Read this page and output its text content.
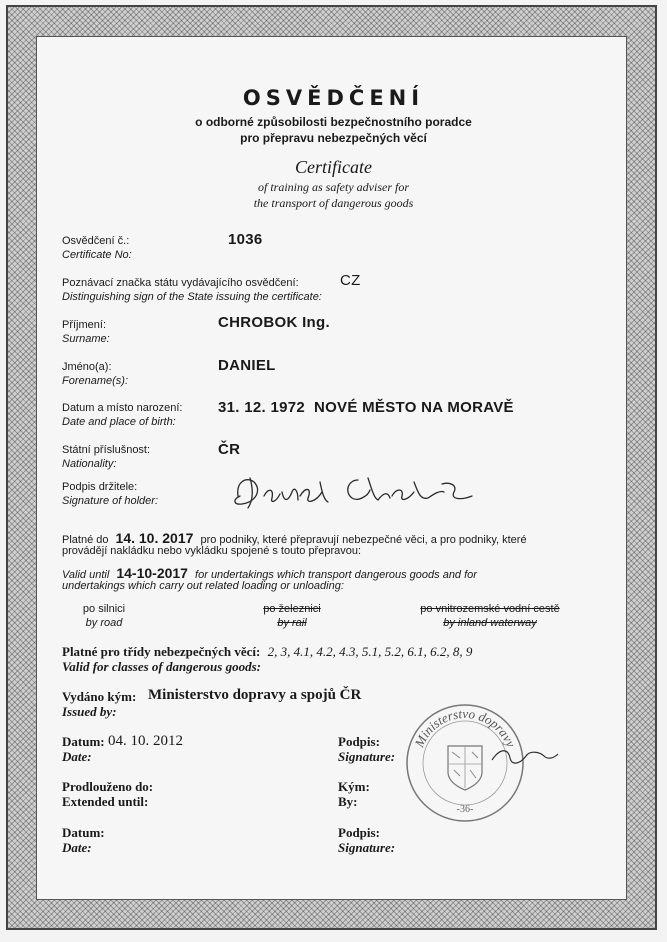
OSVĚDČENÍ
o odborné způsobilosti bezpečnostního poradce
pro přepravu nebezpečných věcí
Certificate
of training as safety adviser for
the transport of dangerous goods
Osvědčení č.:
Certificate No:
1036
Poznávací značka státu vydávajícího osvědčení:
Distinguishing sign of the State issuing the certificate:
CZ
Příjmení:
Surname:
CHROBOK Ing.
Jméno(a):
Forename(s):
DANIEL
Datum a místo narození:
Date and place of birth:
31. 12. 1972  NOVÉ MĚSTO NA MORAVĚ
Státní příslušnost:
Nationality:
ČR
Podpis držitele:
Signature of holder:
Platné do 14. 10. 2017 pro podniky, které přepravují nebezpečné věci, a pro podniky, které
provádějí nakládku nebo vykládku spojené s touto přepravou:
Valid until 14-10-2017 for undertakings which transport dangerous goods and for
undertakings which carry out related loading or unloading:
po silnici
by road
po železnici
by rail
po vnitrozemské vodní cestě
by inland waterway
Platné pro třídy nebezpečných věcí: 2, 3, 4.1, 4.2, 4.3, 5.1, 5.2, 6.1, 6.2, 8, 9
Valid for classes of dangerous goods:
Vydáno kým: Ministerstvo dopravy a spojů ČR
Issued by:
Datum: 04. 10. 2012
Date:
Podpis:
Signature:
Prodlouženo do:
Extended until:
Kým:
By:
Datum:
Date:
Podpis:
Signature:
Ministerstvo dopravy
-36-
